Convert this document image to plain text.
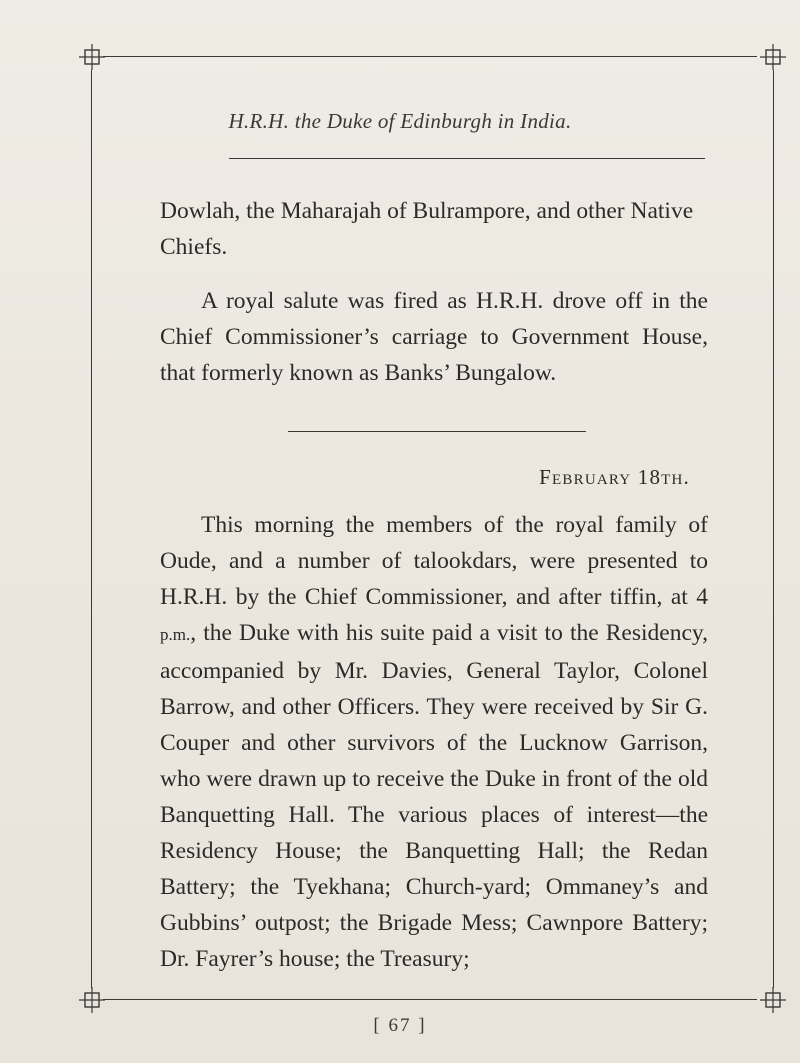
H.R.H. the Duke of Edinburgh in India.

Dowlah, the Maharajah of Bulrampore, and other Native Chiefs.

A royal salute was fired as H.R.H. drove off in the Chief Commissioner’s carriage to Government House, that formerly known as Banks’ Bungalow.

February 18th.

This morning the members of the royal family of Oude, and a number of talookdars, were presented to H.R.H. by the Chief Commissioner, and after tiffin, at 4 p.m., the Duke with his suite paid a visit to the Residency, accompanied by Mr. Davies, General Taylor, Colonel Barrow, and other Officers. They were received by Sir G. Couper and other survivors of the Lucknow Garrison, who were drawn up to receive the Duke in front of the old Banquetting Hall. The various places of interest—the Residency House; the Banquetting Hall; the Redan Battery; the Tyekhana; Church-yard; Ommaney’s and Gubbins’ outpost; the Brigade Mess; Cawnpore Battery; Dr. Fayrer’s house; the Treasury;

[ 67 ]
